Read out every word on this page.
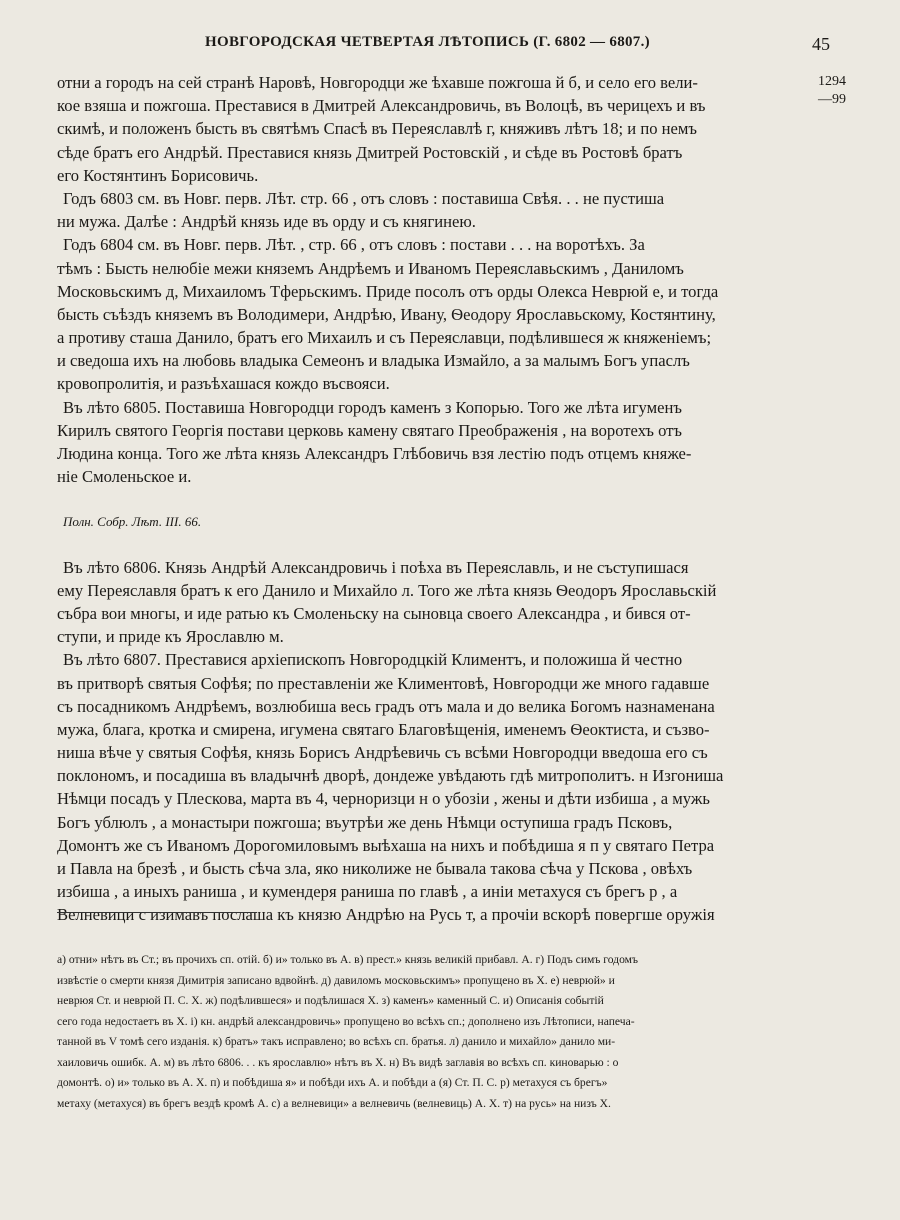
НОВГОРОДСКАЯ ЧЕТВЕРТАЯ ЛѢТОПИСЬ (Г. 6802 — 6807.)	45
1294
—99
отни а городъ на сей странѣ Наровѣ, Новгородци же ѣхавше пожгоша й б, и село его вели-
кое взяша и пожгоша. Преставися в Дмитрей Александровичь, въ Волоцѣ, въ черицехъ и въ
скимѣ, и положенъ бысть въ святѣмъ Спасѣ въ Переяславлѣ г, княживъ лѣтъ 18; и по немъ
сѣде братъ его Андрѣй. Преставися князь Дмитрей Ростовскій , и сѣде въ Ростовѣ братъ
его Костянтинъ Борисовичь.
Годъ 6803 см. въ Новг. перв. Лѣт. стр. 66 , отъ словъ : поставиша Свѣя. . . не пустиша
ни мужа. Далѣе : Андрѣй князь иде въ орду и съ княгинею.
Годъ 6804 см. въ Новг. перв. Лѣт. , стр. 66 , отъ словъ : постави . . . на воротѣхъ. За
тѣмъ : Бысть нелюбіе межи княземъ Андрѣемъ и Иваномъ Переяславьскимъ , Даниломъ
Московьскимъ д, Михаиломъ Тферьскимъ. Приде посолъ отъ орды Олекса Неврюй е, и тогда
бысть съѣздъ княземъ въ Володимери, Андрѣю, Ивану, Ѳеодору Ярославьскому, Костянтину,
а противу сташа Данило, братъ его Михаилъ и съ Переяславци, подѣлившеся ж княженіемъ;
и сведоша ихъ на любовь владыка Семеонъ и владыка Измайло, а за малымъ Богъ упаслъ
кровопролитія, и разъѣхашася кождо въсвояси.
Въ лѣто 6805. Поставиша Новгородци городъ каменъ з Копорью. Того же лѣта игуменъ
Кирилъ святого Георгія постави церковь камену святаго Преображенія , на воротехъ отъ
Людина конца. Того же лѣта князь Александръ Глѣбовичь взя лестію подъ отцемъ княже-
ніе Смоленьское и.
Полн. Собр. Лѣт. III. 66.
Въ лѣто 6806. Князь Андрѣй Александровичь і поѣха въ Переяславль, и не съступишася
ему Переяславля братъ к его Данило и Михайло л. Того же лѣта князь Ѳеодоръ Ярославьскій
събра вои многы, и иде ратью къ Смоленьску на сыновца своего Александра , и бився от-
ступи, и приде къ Ярославлю м.
Въ лѣто 6807. Преставися архіепископъ Новгородцкій Климентъ, и положиша й честно
въ притворѣ святыя Софѣя; по преставленіи же Климентовѣ, Новгородци же много гадавше
съ посадникомъ Андрѣемъ, возлюбиша весь градъ отъ мала и до велика Богомъ назнаменана
мужа, блага, кротка и смирена, игумена святаго Благовѣщенія, именемъ Ѳеоктиста, и съзво-
ниша вѣче у святыя Софѣя, князь Борисъ Андрѣевичь съ всѣми Новгородци введоша его съ
поклономъ, и посадиша въ владычнѣ дворѣ, дондеже увѣдають гдѣ митрополитъ. н Изгониша
Нѣмци посадъ у Плескова, марта въ 4, черноризци н о убозіи , жены и дѣти избиша , а мужь
Богъ ублюлъ , а монастыри пожгоша; въутрѣи же день Нѣмци оступиша градъ Псковъ,
Домонтъ же съ Иваномъ Дорогомиловымъ выѣхаша на нихъ и побѣдиша я п у святаго Петра
и Павла на брезѣ , и бысть сѣча зла, яко николиже не бывала такова сѣча у Пскова , овѣхъ
избиша , а иныхъ раниша , и кумендеря раниша по главѣ , а иніи метахуся съ брегъ р , а
Велневици с изимавъ послаша къ князю Андрѣю на Русь т, а прочіи вскорѣ повергше оружія
а) отни» нѣтъ въ Ст.; въ прочихъ сп. отій. б) и» только въ А. в) прест.» князь великій прибавл. А. г) Подъ симъ годомъ
извѣстіе о смерти князя Димитрія записано вдвойнѣ. д) давиломъ московьскимъ» пропущено въ Х. е) неврюй» и
неврюя Ст. и неврюй П. С. Х. ж) подѣлившеся» и подѣлишася Х. з) каменъ» каменный С. и) Описанія событій
сего года недостаетъ въ Х. і) кн. андрѣй александровичь» пропущено во всѣхъ сп.; дополнено изъ Лѣтописи, напеча-
танной въ V томѣ сего изданія. к) братъ» такъ исправлено; во всѣхъ сп. братья. л) данило и михайло» данило ми-
хаиловичь ошибк. А. м) въ лѣто 6806. . . къ ярославлю» нѣтъ въ Х. н) Въ видѣ заглавія во всѣхъ сп. киноварью : о
домонтѣ. о) и» только въ А. Х. п) и побѣдиша я» и побѣди ихъ А. и побѣди а (я) Ст. П. С. р) метахуся съ брегъ»
метаху (метахуся) въ брегъ вездѣ кромѣ А. с) а велневици» а велневичь (велневиць) А. Х. т) на русь» на низъ Х.
